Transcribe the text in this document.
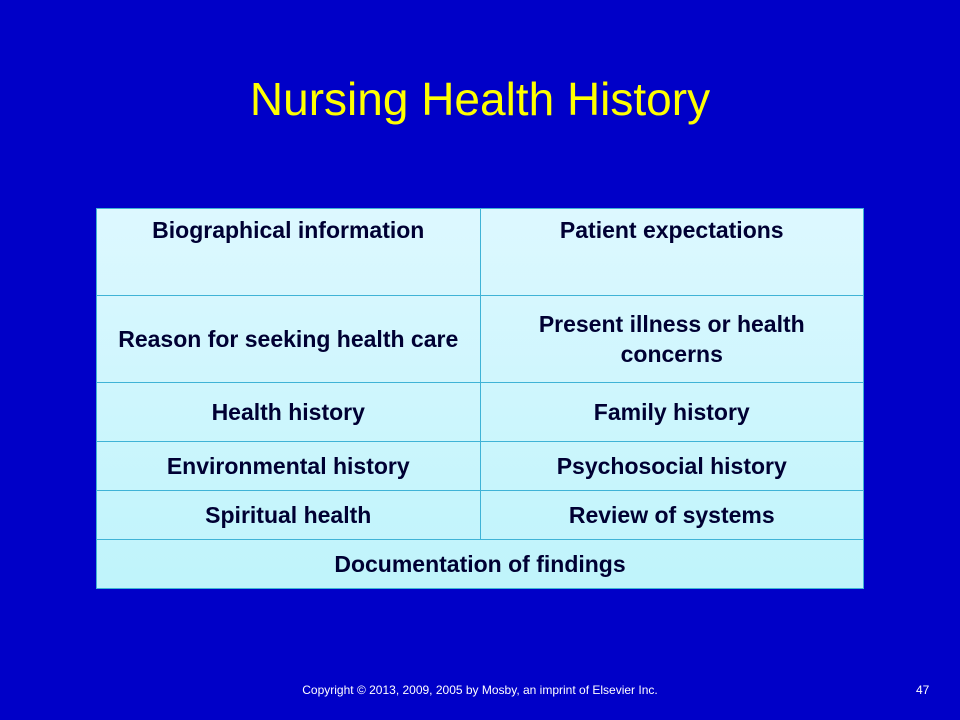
Nursing Health History
Biographical information	Patient expectations
Reason for seeking health care	Present illness or health concerns
Health history	Family history
Environmental history	Psychosocial history
Spiritual health	Review of systems
Documentation of findings	
Copyright © 2013, 2009, 2005 by Mosby, an imprint of Elsevier Inc.	47
